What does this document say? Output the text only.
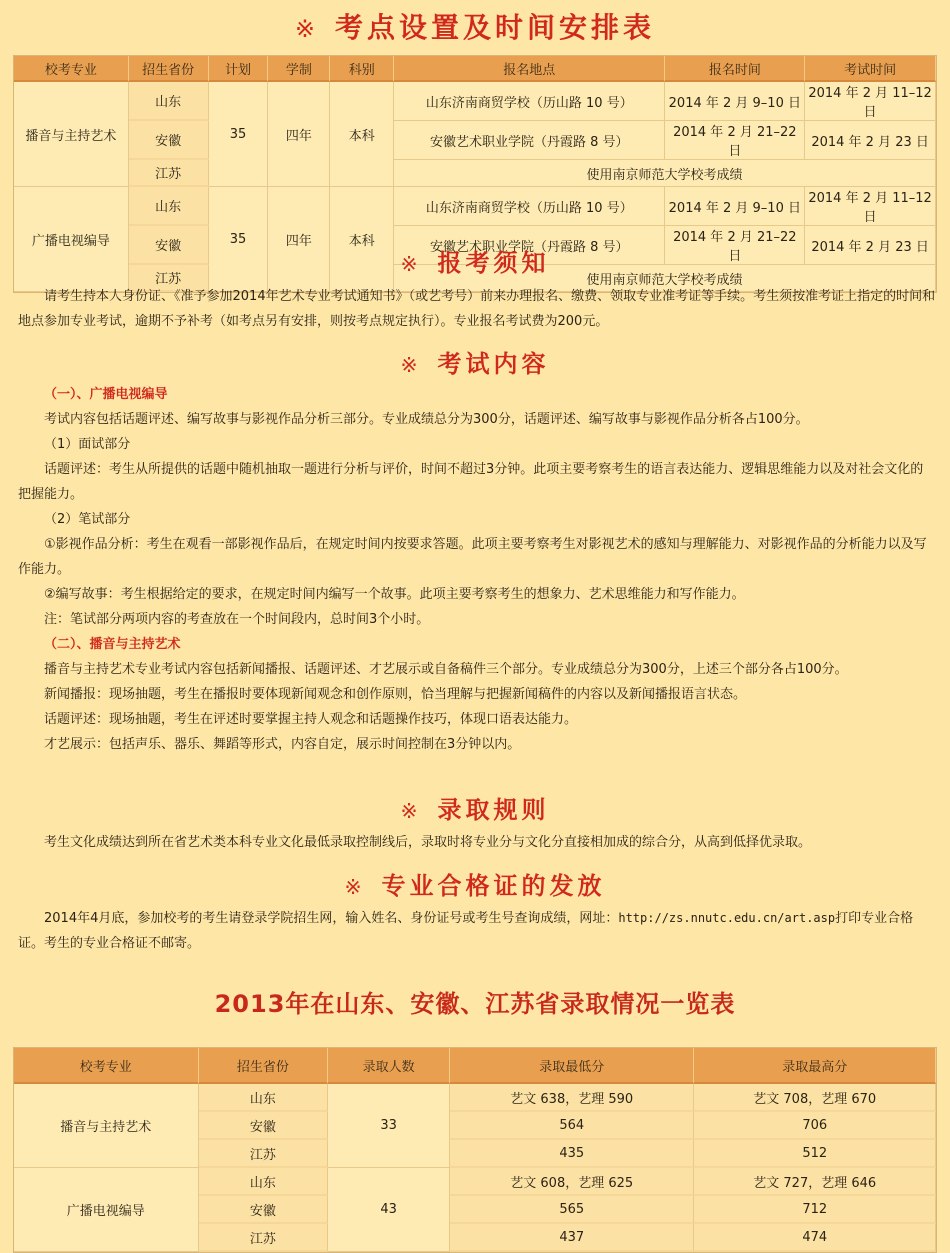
※ 考点设置及时间安排表
校考专业	招生省份	计划	学制	科别	报名地点	报名时间	考试时间
播音与主持艺术	山东	35	四年	本科	山东济南商贸学校（历山路 10 号）	2014 年 2 月 9–10 日	2014 年 2 月 11–12 日
	安徽				安徽艺术职业学院（丹霞路 8 号）	2014 年 2 月 21–22 日	2014 年 2 月 23 日
	江苏				使用南京师范大学校考成绩		
广播电视编导	山东	35	四年	本科	山东济南商贸学校（历山路 10 号）	2014 年 2 月 9–10 日	2014 年 2 月 11–12 日
	安徽				安徽艺术职业学院（丹霞路 8 号）	2014 年 2 月 21–22 日	2014 年 2 月 23 日
	江苏				使用南京师范大学校考成绩		
※ 报考须知
请考生持本人身份证、《准予参加2014年艺术专业考试通知书》（或艺考号）前来办理报名、缴费、领取专业准考证等手续。考生须按准考证上指定的时间和地点参加专业考试，逾期不予补考（如考点另有安排，则按考点规定执行）。专业报名考试费为200元。
※ 考试内容
（一）、广播电视编导
考试内容包括话题评述、编写故事与影视作品分析三部分。专业成绩总分为300分，话题评述、编写故事与影视作品分析各占100分。
（1）面试部分
话题评述：考生从所提供的话题中随机抽取一题进行分析与评价，时间不超过3分钟。此项主要考察考生的语言表达能力、逻辑思维能力以及对社会文化的把握能力。
（2）笔试部分
①影视作品分析：考生在观看一部影视作品后，在规定时间内按要求答题。此项主要考察考生对影视艺术的感知与理解能力、对影视作品的分析能力以及写作能力。
②编写故事：考生根据给定的要求，在规定时间内编写一个故事。此项主要考察考生的想象力、艺术思维能力和写作能力。
注：笔试部分两项内容的考查放在一个时间段内，总时间3个小时。
（二）、播音与主持艺术
播音与主持艺术专业考试内容包括新闻播报、话题评述、才艺展示或自备稿件三个部分。专业成绩总分为300分，上述三个部分各占100分。
新闻播报：现场抽题，考生在播报时要体现新闻观念和创作原则，恰当理解与把握新闻稿件的内容以及新闻播报语言状态。
话题评述：现场抽题，考生在评述时要掌握主持人观念和话题操作技巧，体现口语表达能力。
才艺展示：包括声乐、器乐、舞蹈等形式，内容自定，展示时间控制在3分钟以内。
※ 录取规则
考生文化成绩达到所在省艺术类本科专业文化最低录取控制线后，录取时将专业分与文化分直接相加成的综合分，从高到低择优录取。
※ 专业合格证的发放
2014年4月底，参加校考的考生请登录学院招生网，输入姓名、身份证号或考生号查询成绩，网址：http://zs.nnutc.edu.cn/art.asp打印专业合格证。考生的专业合格证不邮寄。
2013年在山东、安徽、江苏省录取情况一览表
校考专业	招生省份	录取人数	录取最低分	录取最高分
播音与主持艺术	山东	33	艺文 638，艺理 590	艺文 708，艺理 670
	安徽		564	706
	江苏		435	512
广播电视编导	山东	43	艺文 608，艺理 625	艺文 727，艺理 646
	安徽		565	712
	江苏		437	474
